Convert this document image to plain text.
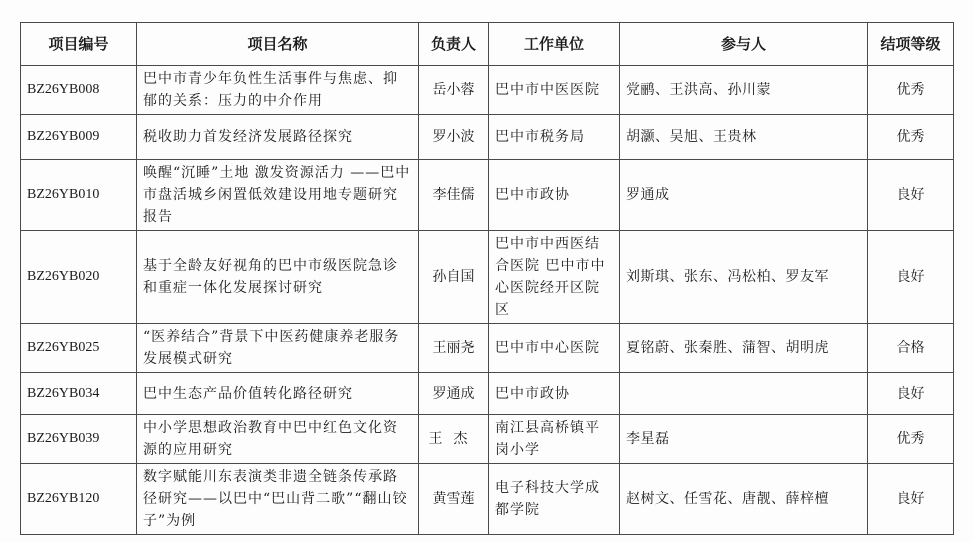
项目编号	项目名称	负责人	工作单位	参与人	结项等级
BZ26YB008	巴中市青少年负性生活事件与焦虑、抑郁的关系：压力的中介作用	岳小蓉	巴中市中医医院	党鹂、王洪高、孙川蒙	优秀
BZ26YB009	税收助力首发经济发展路径探究	罗小波	巴中市税务局	胡灏、吴旭、王贵林	优秀
BZ26YB010	唤醒“沉睡”土地 激发资源活力 ——巴中市盘活城乡闲置低效建设用地专题研究报告	李佳儒	巴中市政协	罗通成	良好
BZ26YB020	基于全龄友好视角的巴中市级医院急诊和重症一体化发展探讨研究	孙自国	巴中市中西医结合医院 巴中市中心医院经开区院区	刘斯琪、张东、冯松柏、罗友军	良好
BZ26YB025	“医养结合”背景下中医药健康养老服务发展模式研究	王丽尧	巴中市中心医院	夏铭蔚、张秦胜、蒲智、胡明虎	合格
BZ26YB034	巴中生态产品价值转化路径研究	罗通成	巴中市政协		良好
BZ26YB039	中小学思想政治教育中巴中红色文化资源的应用研究	王杰	南江县高桥镇平岗小学	李星磊	优秀
BZ26YB120	数字赋能川东表演类非遗全链条传承路径研究——以巴中“巴山背二歌”“翻山铰子”为例	黄雪莲	电子科技大学成都学院	赵树文、任雪花、唐靓、薛梓檀	良好
